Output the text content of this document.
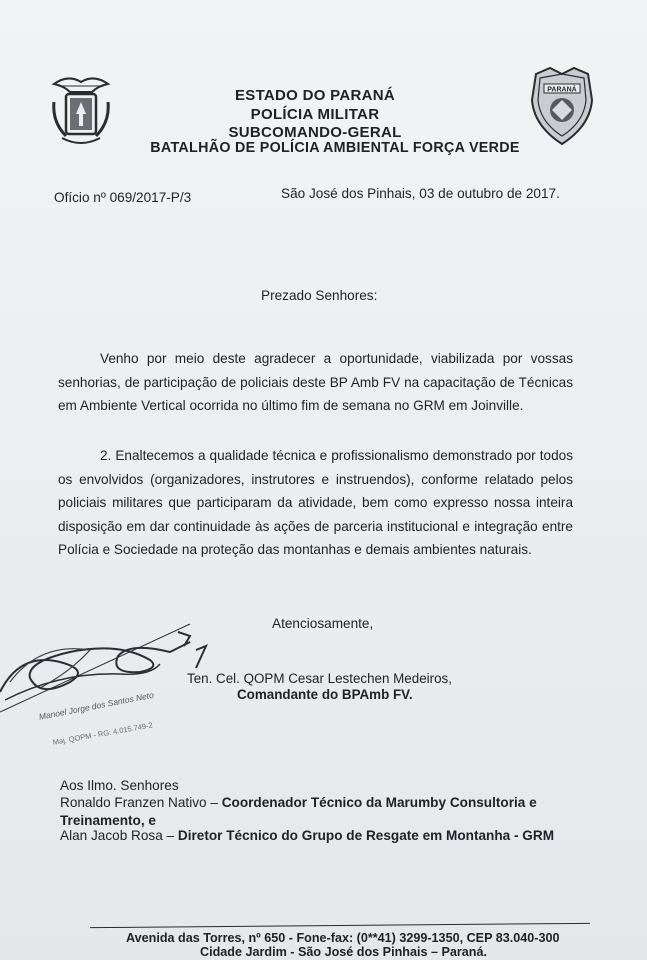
PARANÁ
ESTADO DO PARANÁ
POLÍCIA MILITAR
SUBCOMANDO-GERAL
BATALHÃO DE POLÍCIA AMBIENTAL FORÇA VERDE
Ofício nº 069/2017-P/3	São José dos Pinhais, 03 de outubro de 2017.
Prezado Senhores:
Venho por meio deste agradecer a oportunidade, viabilizada por vossas
senhorias, de participação de policiais deste BP Amb FV na capacitação de Técnicas
em Ambiente Vertical ocorrida no último fim de semana no GRM em Joinville.
2. Enaltecemos a qualidade técnica e profissionalismo demonstrado por todos
os envolvidos (organizadores, instrutores e instruendos), conforme relatado pelos
policiais militares que participaram da atividade, bem como expresso nossa inteira
disposição em dar continuidade às ações de parceria institucional e integração entre
Polícia e Sociedade na proteção das montanhas e demais ambientes naturais.
Atenciosamente,
Manoel Jorge dos Santos Neto
Maj. QOPM - RG: 4.015.749-2
Ten. Cel. QOPM Cesar Lestechen Medeiros,
Comandante do BPAmb FV.
Aos Ilmo. Senhores
Ronaldo Franzen Nativo – Coordenador Técnico da Marumby Consultoria e
Treinamento, e
Alan Jacob Rosa – Diretor Técnico do Grupo de Resgate em Montanha - GRM
Avenida das Torres, nº 650 - Fone-fax: (0**41) 3299-1350, CEP 83.040-300
Cidade Jardim - São José dos Pinhais – Paraná.
